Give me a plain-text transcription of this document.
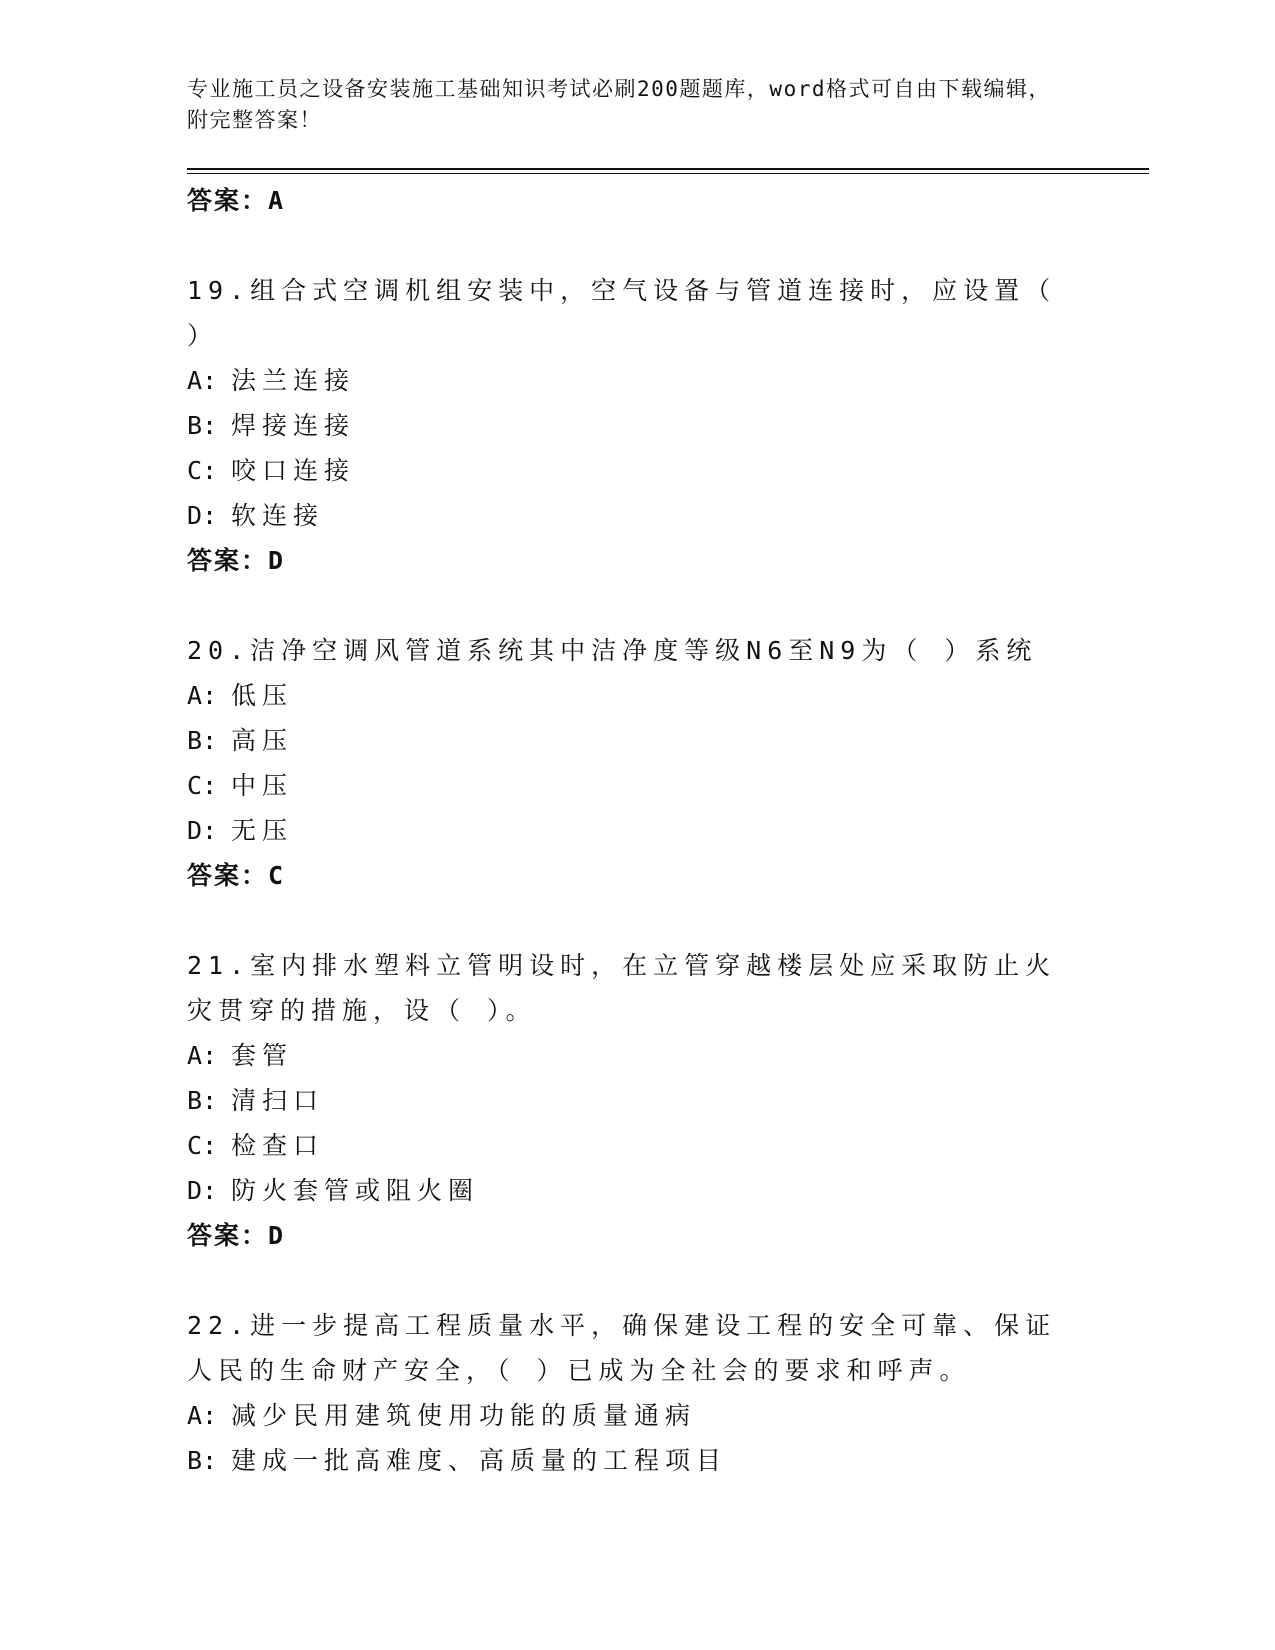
专业施工员之设备安装施工基础知识考试必刷200题题库，word格式可自由下载编辑，附完整答案！
答案：A
19.组合式空调机组安装中，空气设备与管道连接时，应设置（ ）
A: 法兰连接
B: 焊接连接
C: 咬口连接
D: 软连接
答案：D
20.洁净空调风管道系统其中洁净度等级N6至N9为（ ）系统
A: 低压
B: 高压
C: 中压
D: 无压
答案：C
21.室内排水塑料立管明设时，在立管穿越楼层处应采取防止火灾贯穿的措施，设（ ）。
A: 套管
B: 清扫口
C: 检查口
D: 防火套管或阻火圈
答案：D
22.进一步提高工程质量水平，确保建设工程的安全可靠、保证人民的生命财产安全，（ ）已成为全社会的要求和呼声。
A: 减少民用建筑使用功能的质量通病
B: 建成一批高难度、高质量的工程项目
